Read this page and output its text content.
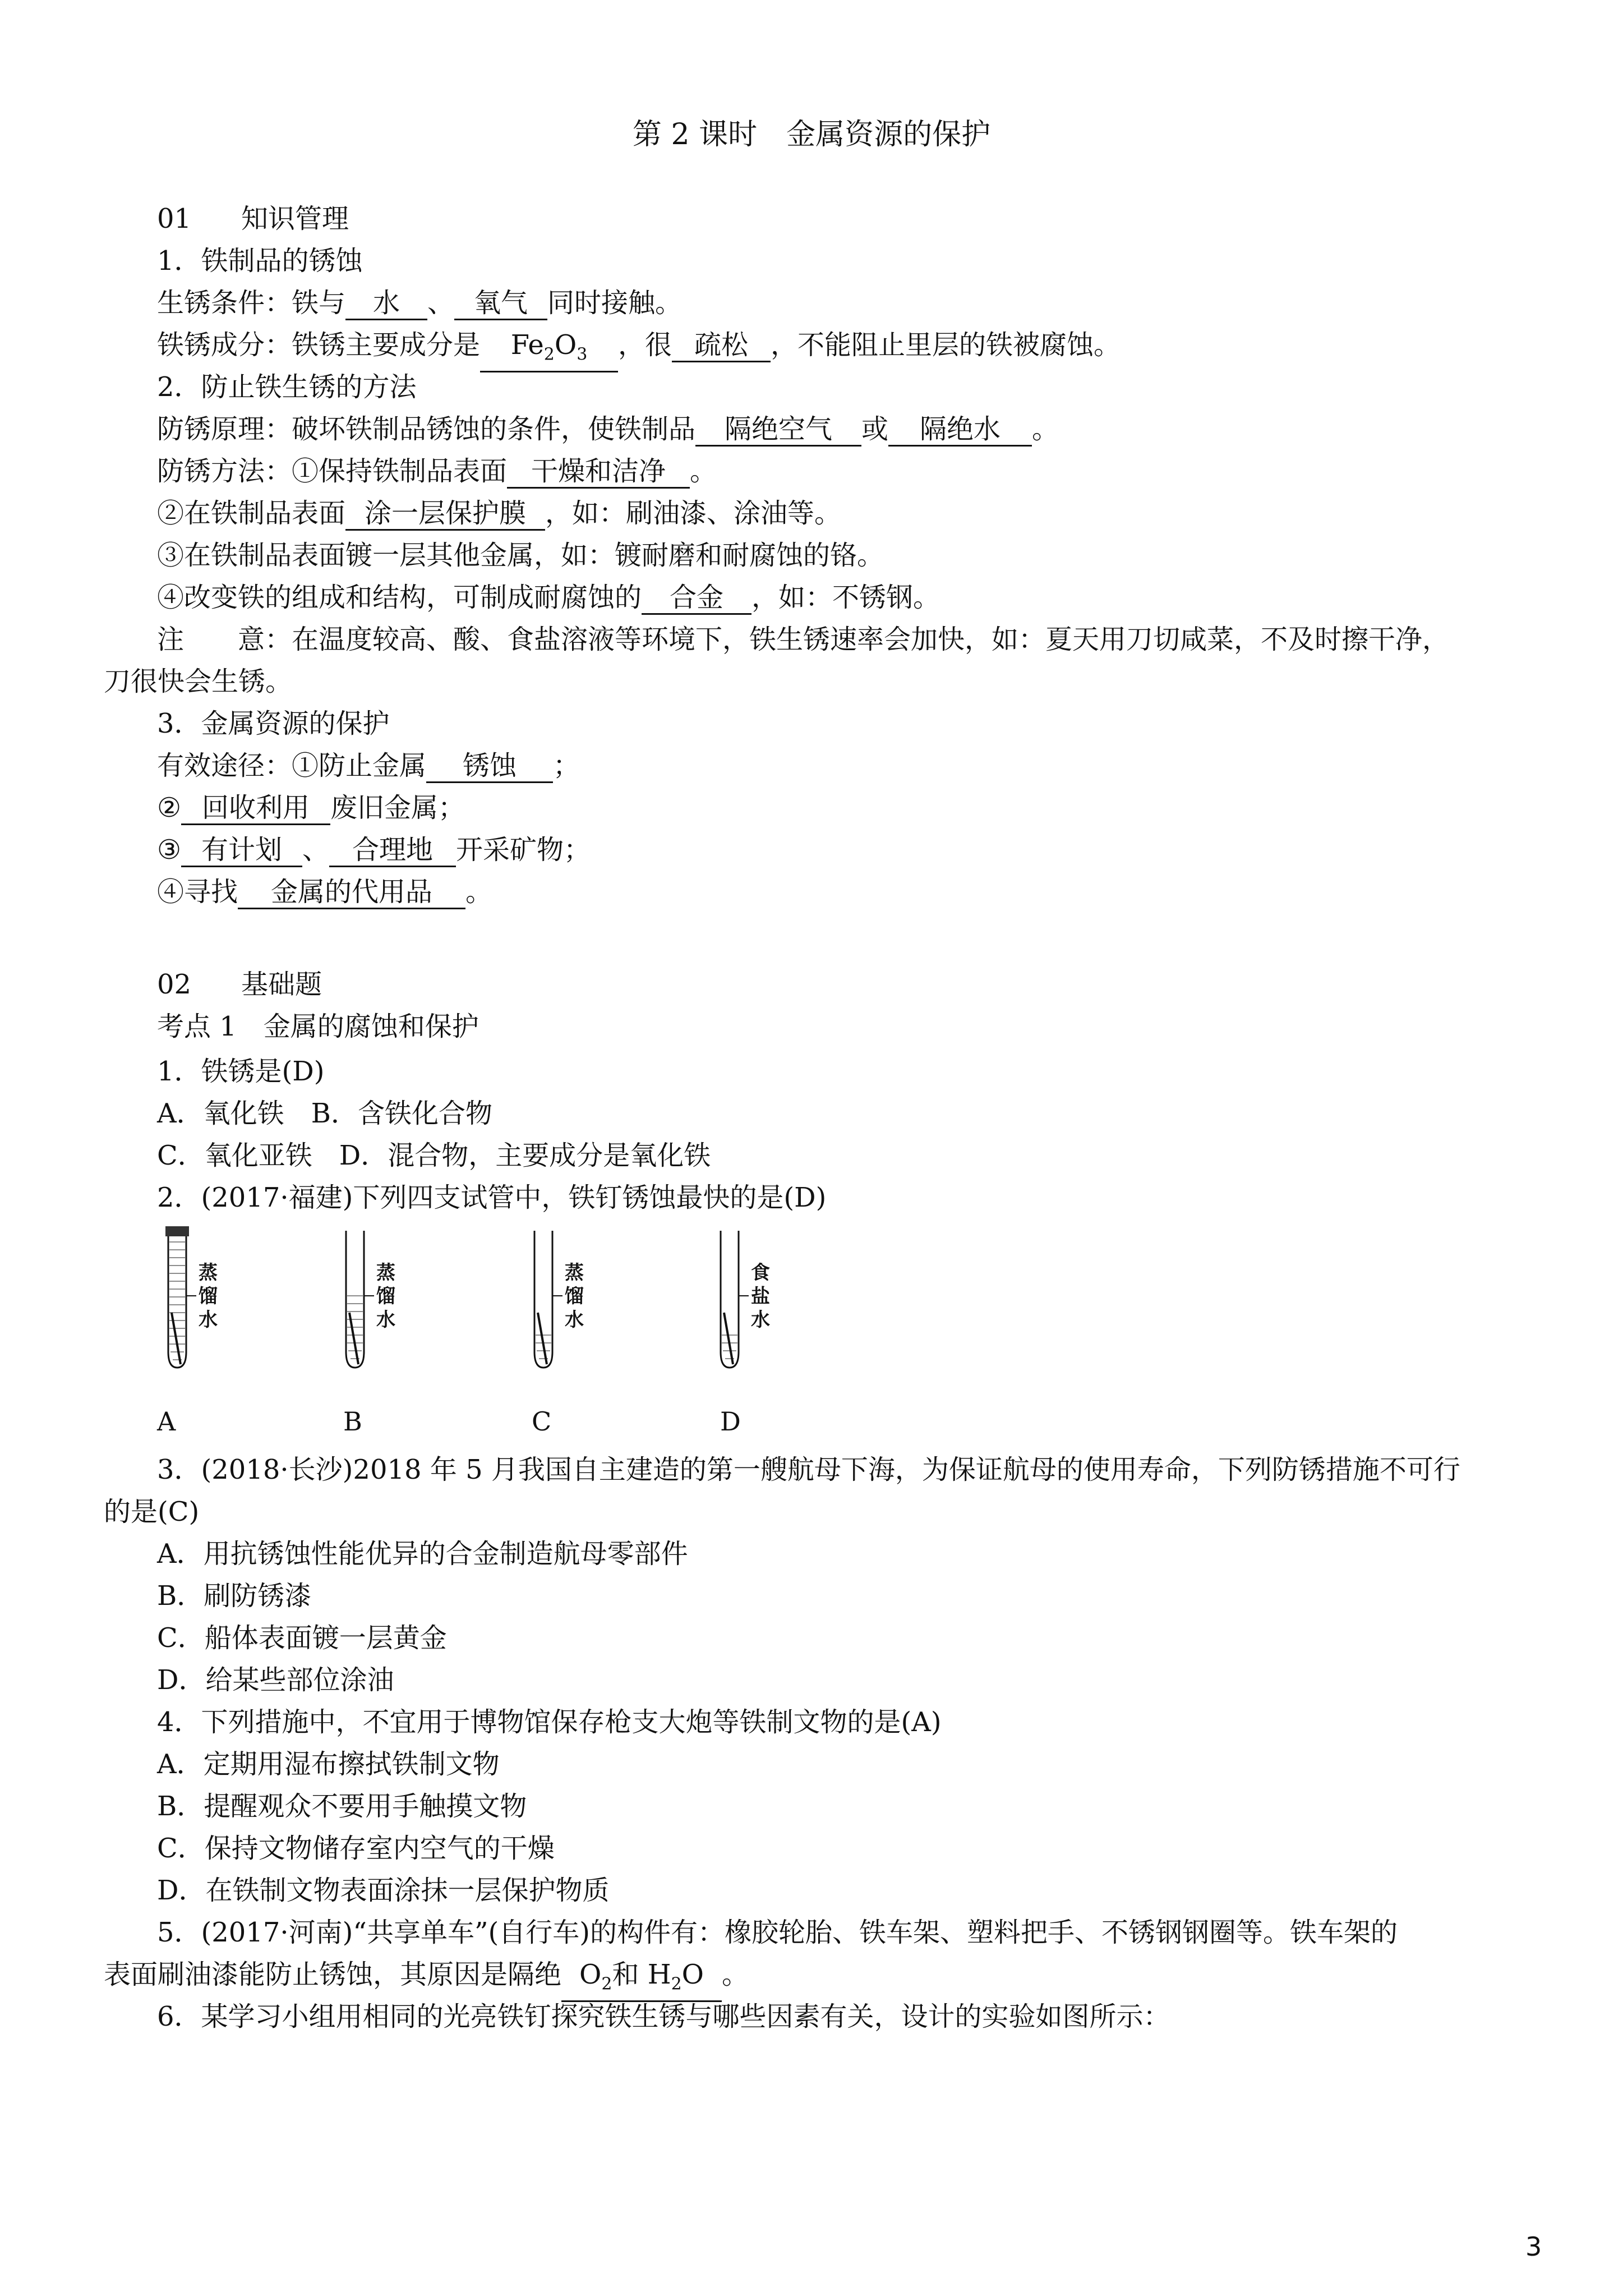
第 2 课时　金属资源的保护
01 知识管理
1．铁制品的锈蚀
生锈条件：铁与 水 、 氧气 同时接触。
铁锈成分：铁锈主要成分是 $Fe_2O_3$ ，很 疏松 ，不能阻止里层的铁被腐蚀。
2．防止铁生锈的方法
防锈原理：破坏铁制品锈蚀的条件，使铁制品 隔绝空气 或 隔绝水 。
防锈方法：①保持铁制品表面 干燥和洁净 。
②在铁制品表面 涂一层保护膜 ，如：刷油漆、涂油等。
③在铁制品表面镀一层其他金属，如：镀耐磨和耐腐蚀的铬。
④改变铁的组成和结构，可制成耐腐蚀的 合金 ，如：不锈钢。
注　　意：在温度较高、酸、食盐溶液等环境下，铁生锈速率会加快，如：夏天用刀切咸菜，不及时擦干净，
刀很快会生锈。
3．金属资源的保护
有效途径：①防止金属 锈蚀 ；
② 回收利用 废旧金属；
③ 有计划 、 合理地 开采矿物；
④寻找 金属的代用品 。
02 基础题
考点 1　金属的腐蚀和保护
1．铁锈是(D)
A．氧化铁　B．含铁化合物
C．氧化亚铁　D．混合物，主要成分是氧化铁
2．(2017·福建)下列四支试管中，铁钉锈蚀最快的是(D)
蒸
馏
水
蒸
馏
水
蒸
馏
水
食
盐
水
A	B	C	D
3．(2018·长沙)2018 年 5 月我国自主建造的第一艘航母下海，为保证航母的使用寿命，下列防锈措施不可行
的是(C)
A．用抗锈蚀性能优异的合金制造航母零部件
B．刷防锈漆
C．船体表面镀一层黄金
D．给某些部位涂油
4．下列措施中，不宜用于博物馆保存枪支大炮等铁制文物的是(A)
A．定期用湿布擦拭铁制文物
B．提醒观众不要用手触摸文物
C．保持文物储存室内空气的干燥
D．在铁制文物表面涂抹一层保护物质
5．(2017·河南)“共享单车”(自行车)的构件有：橡胶轮胎、铁车架、塑料把手、不锈钢钢圈等。铁车架的
表面刷油漆能防止锈蚀，其原因是隔绝 $O_2$和 $H_2O$ 。
6．某学习小组用相同的光亮铁钉探究铁生锈与哪些因素有关，设计的实验如图所示：
3
